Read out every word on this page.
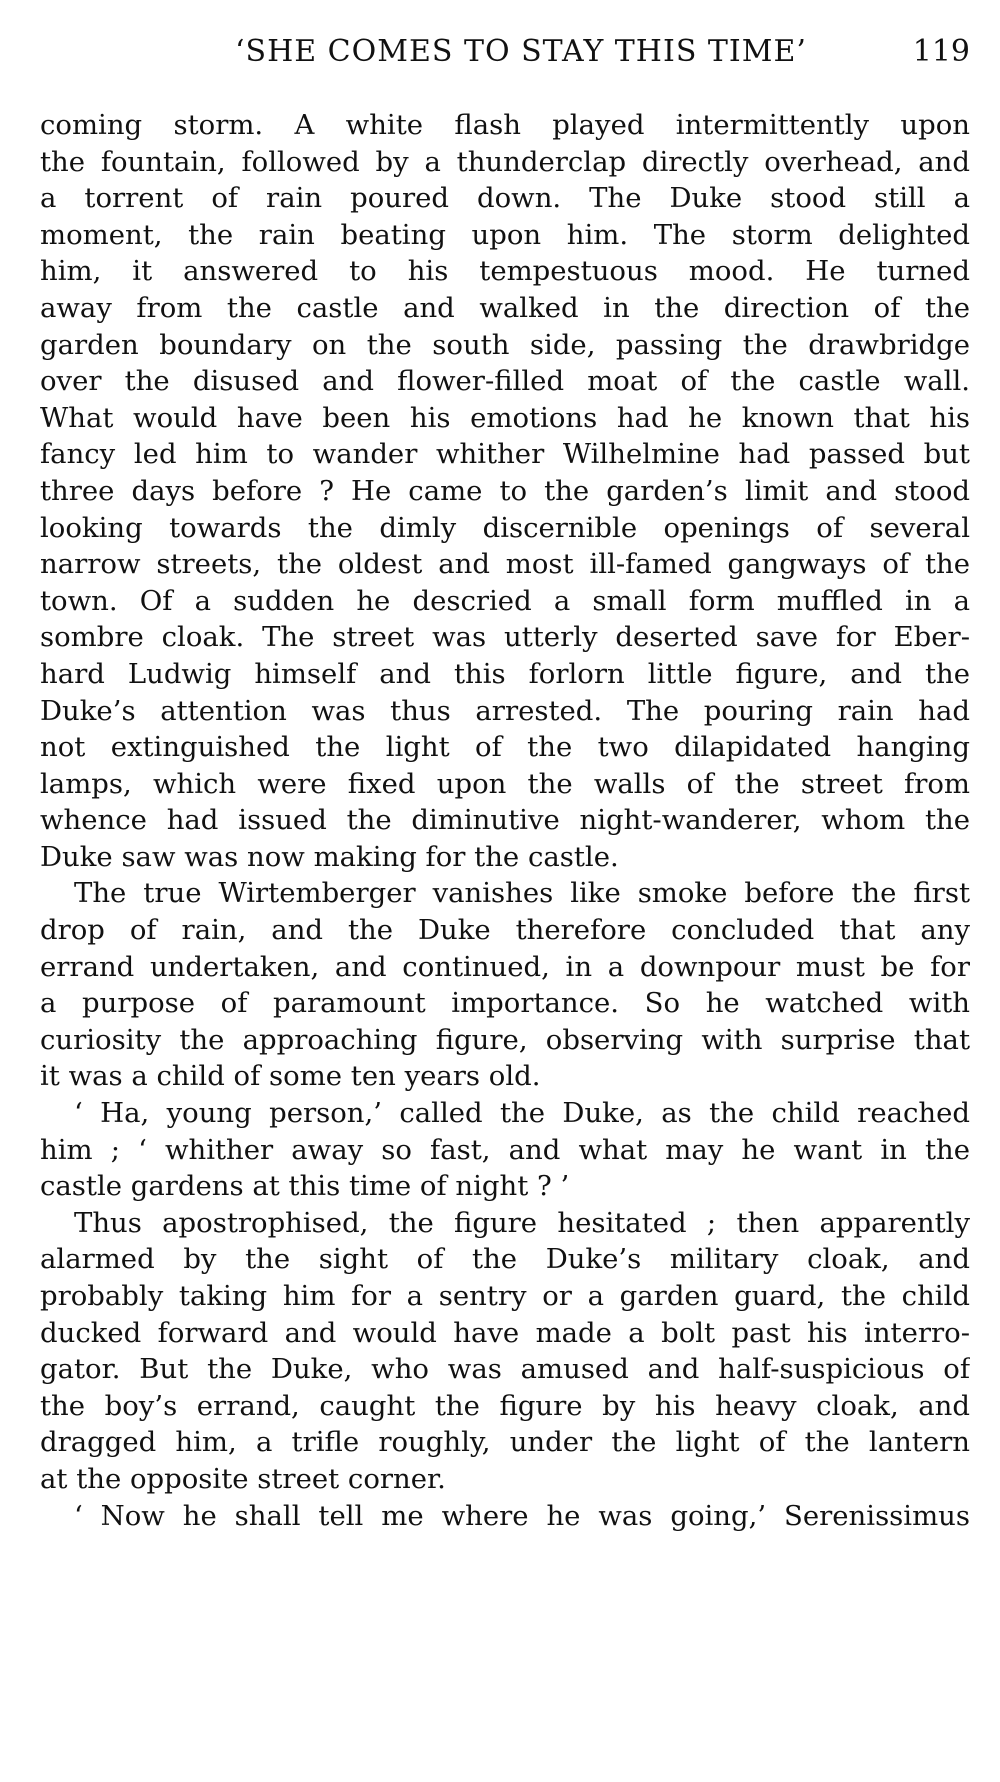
‘SHE COMES TO STAY THIS TIME’	119
coming storm. A white flash played intermittently upon
the fountain, followed by a thunderclap directly overhead, and
a torrent of rain poured down. The Duke stood still a
moment, the rain beating upon him. The storm delighted
him, it answered to his tempestuous mood. He turned
away from the castle and walked in the direction of the
garden boundary on the south side, passing the drawbridge
over the disused and flower-filled moat of the castle wall.
What would have been his emotions had he known that his
fancy led him to wander whither Wilhelmine had passed but
three days before ? He came to the garden’s limit and stood
looking towards the dimly discernible openings of several
narrow streets, the oldest and most ill-famed gangways of the
town. Of a sudden he descried a small form muffled in a
sombre cloak. The street was utterly deserted save for Eber-
hard Ludwig himself and this forlorn little figure, and the
Duke’s attention was thus arrested. The pouring rain had
not extinguished the light of the two dilapidated hanging
lamps, which were fixed upon the walls of the street from
whence had issued the diminutive night-wanderer, whom the
Duke saw was now making for the castle.
The true Wirtemberger vanishes like smoke before the first
drop of rain, and the Duke therefore concluded that any
errand undertaken, and continued, in a downpour must be for
a purpose of paramount importance. So he watched with
curiosity the approaching figure, observing with surprise that
it was a child of some ten years old.
‘ Ha, young person,’ called the Duke, as the child reached
him ; ‘ whither away so fast, and what may he want in the
castle gardens at this time of night ? ’
Thus apostrophised, the figure hesitated ; then apparently
alarmed by the sight of the Duke’s military cloak, and
probably taking him for a sentry or a garden guard, the child
ducked forward and would have made a bolt past his interro-
gator. But the Duke, who was amused and half-suspicious of
the boy’s errand, caught the figure by his heavy cloak, and
dragged him, a trifle roughly, under the light of the lantern
at the opposite street corner.
‘ Now he shall tell me where he was going,’ Serenissimus
